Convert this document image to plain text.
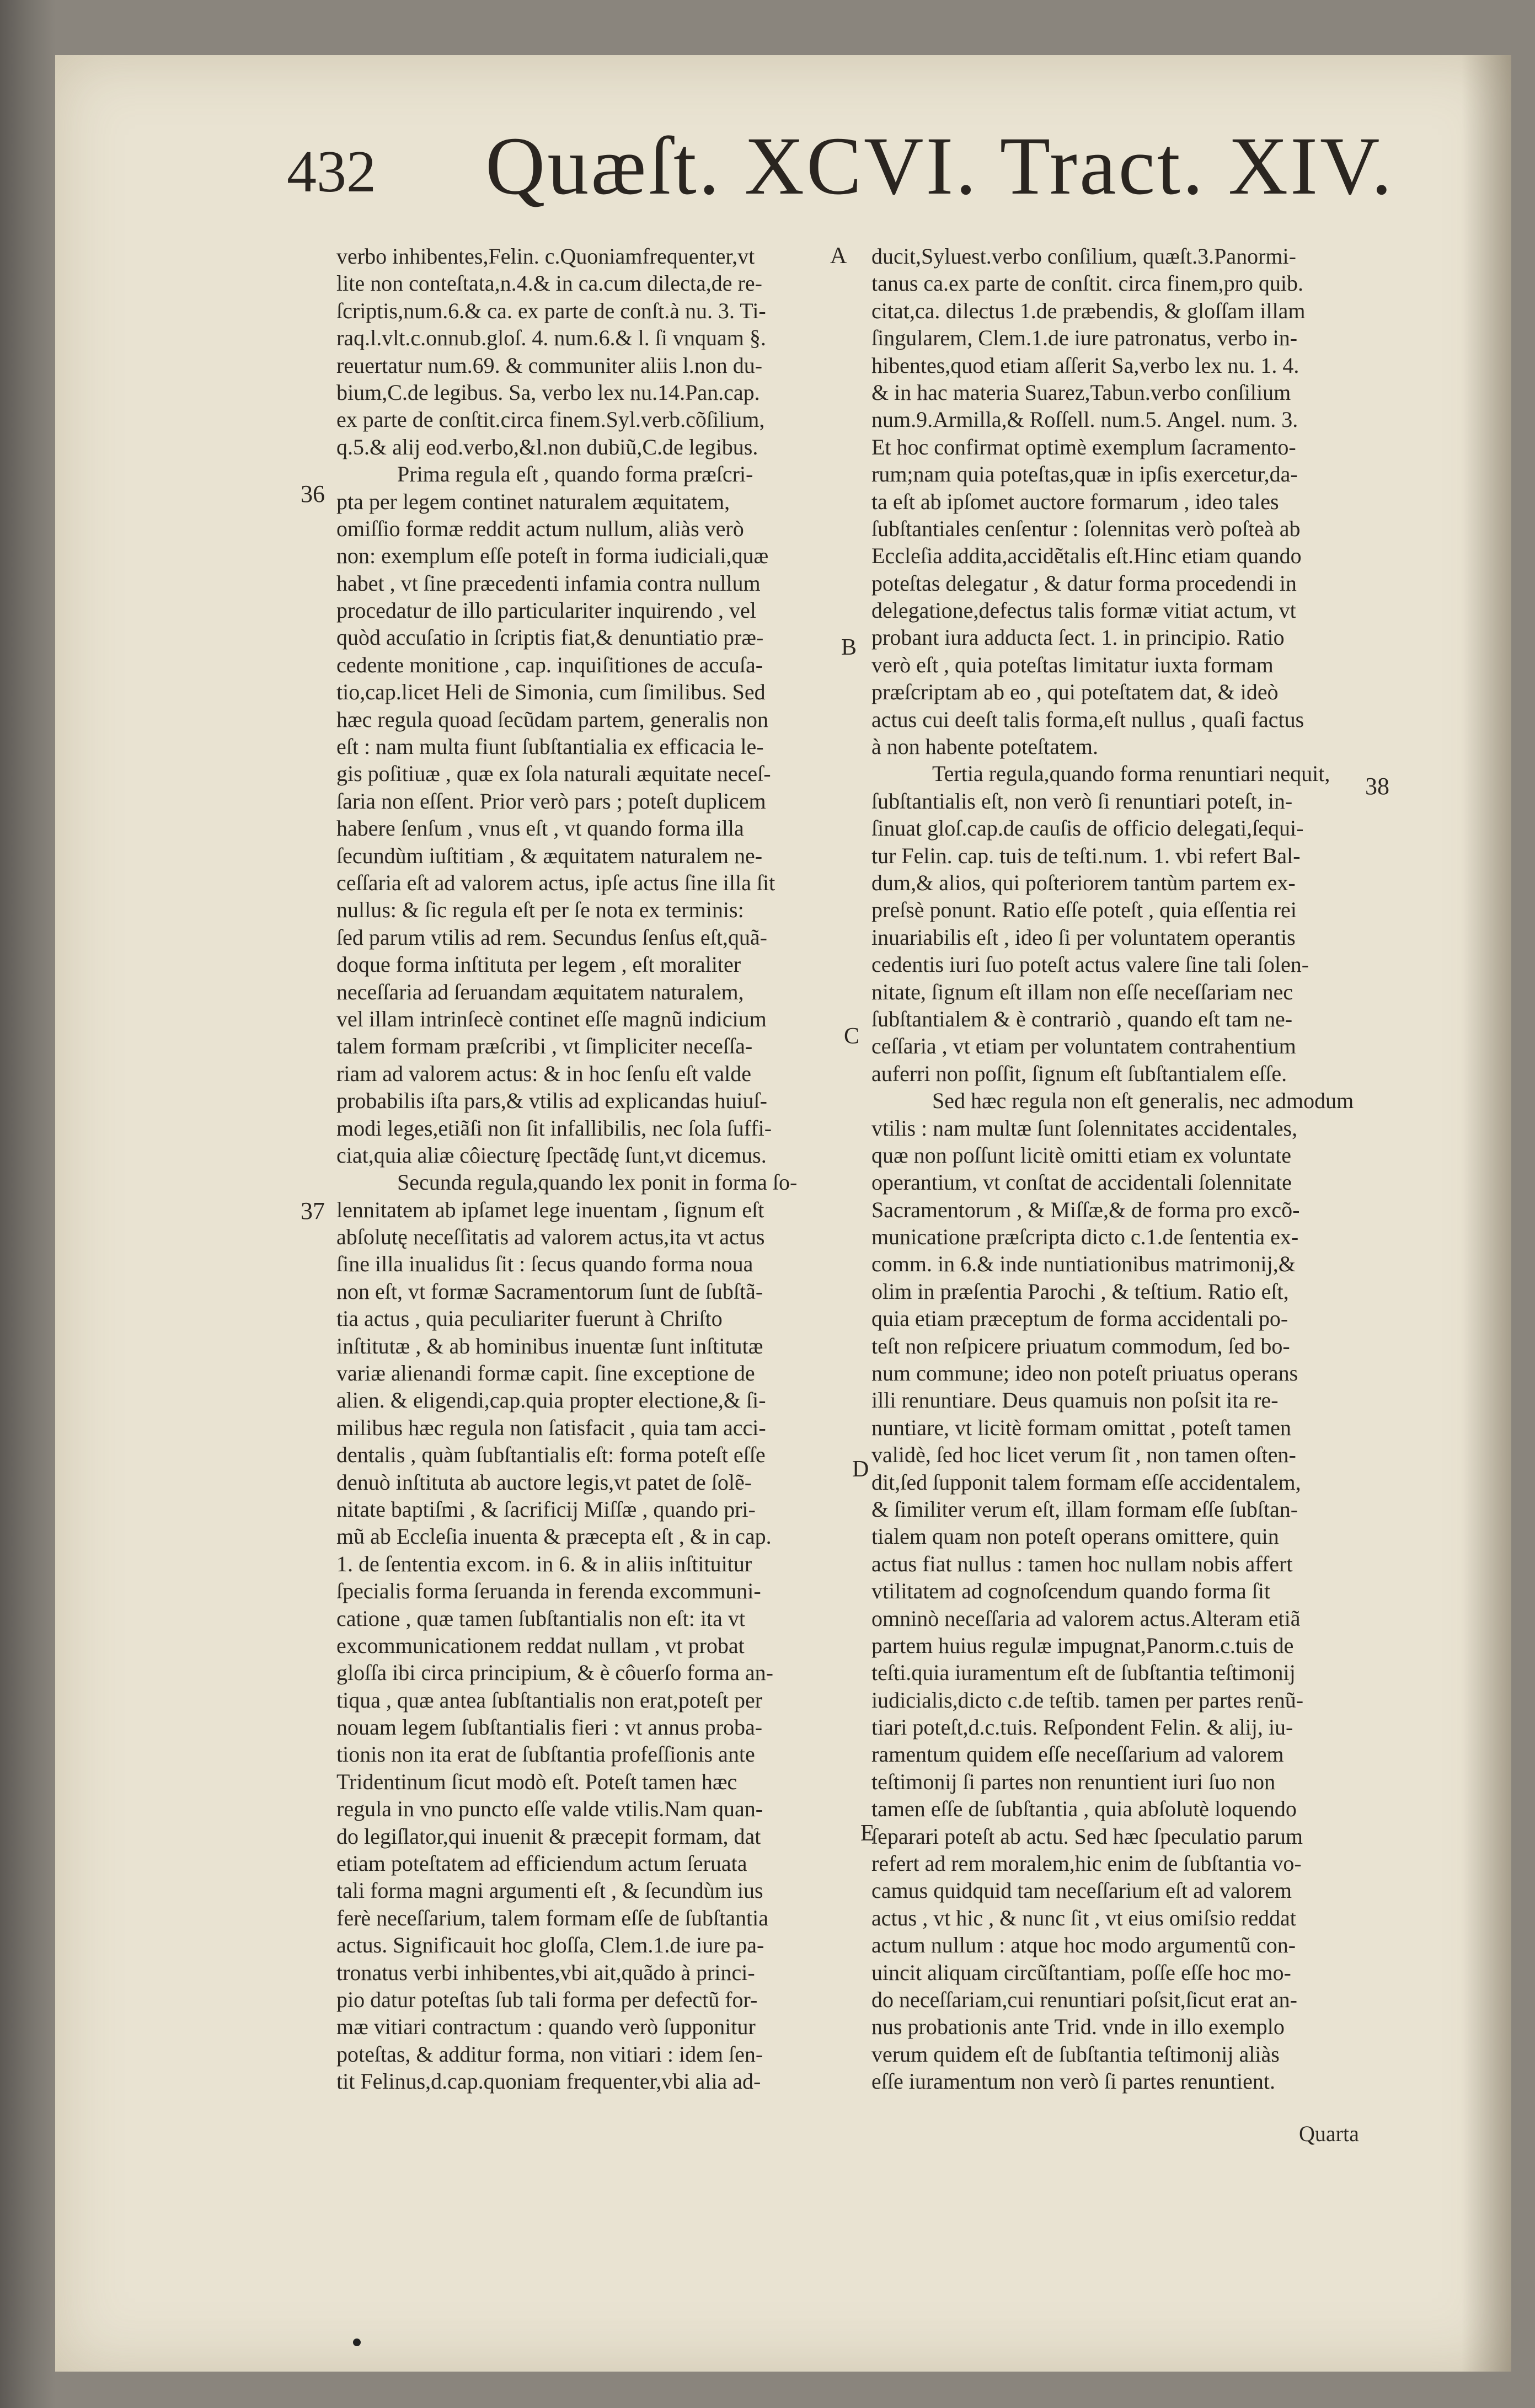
432 Quæſt. XCVI. Tract. XIV.
verbo inhibentes,Felin. c.Quoniamfrequenter,vt
lite non conteſtata,n.4.& in ca.cum dilecta,de re-
ſcriptis,num.6.& ca. ex parte de conſt.à nu. 3. Ti-
raq.l.vlt.c.onnub.gloſ. 4. num.6.& l. ſi vnquam §.
reuertatur num.69. & communiter aliis l.non du-
bium,C.de legibus. Sa, verbo lex nu.14.Pan.cap.
ex parte de conſtit.circa finem.Syl.verb.cõſilium,
q.5.& alij eod.verbo,&l.non dubiũ,C.de legibus.
Prima regula eſt , quando forma præſcri-
pta per legem continet naturalem æquitatem,
omiſſio formæ reddit actum nullum, aliàs verò
non: exemplum eſſe poteſt in forma iudiciali,quæ
habet , vt ſine præcedenti infamia contra nullum
procedatur de illo particulariter inquirendo , vel
quòd accuſatio in ſcriptis fiat,& denuntiatio præ-
cedente monitione , cap. inquiſitiones de accuſa-
tio,cap.licet Heli de Simonia, cum ſimilibus. Sed
hæc regula quoad ſecũdam partem, generalis non
eſt : nam multa fiunt ſubſtantialia ex efficacia le-
gis poſitiuæ , quæ ex ſola naturali æquitate neceſ-
ſaria non eſſent. Prior verò pars ; poteſt duplicem
habere ſenſum , vnus eſt , vt quando forma illa
ſecundùm iuſtitiam , & æquitatem naturalem ne-
ceſſaria eſt ad valorem actus, ipſe actus ſine illa ſit
nullus: & ſic regula eſt per ſe nota ex terminis:
ſed parum vtilis ad rem. Secundus ſenſus eſt,quã-
doque forma inſtituta per legem , eſt moraliter
neceſſaria ad ſeruandam æquitatem naturalem,
vel illam intrinſecè continet eſſe magnũ indicium
talem formam præſcribi , vt ſimpliciter neceſſa-
riam ad valorem actus: & in hoc ſenſu eſt valde
probabilis iſta pars,& vtilis ad explicandas huiuſ-
modi leges,etiãſi non ſit infallibilis, nec ſola ſuffi-
ciat,quia aliæ côiecturę ſpectãdę ſunt,vt dicemus.
Secunda regula,quando lex ponit in forma ſo-
lennitatem ab ipſamet lege inuentam , ſignum eſt
abſolutę neceſſitatis ad valorem actus,ita vt actus
ſine illa inualidus ſit : ſecus quando forma noua
non eſt, vt formæ Sacramentorum ſunt de ſubſtã-
tia actus , quia peculiariter fuerunt à Chriſto
inſtitutæ , & ab hominibus inuentæ ſunt inſtitutæ
variæ alienandi formæ capit. ſine exceptione de
alien. & eligendi,cap.quia propter electione,& ſi-
milibus hæc regula non ſatisfacit , quia tam acci-
dentalis , quàm ſubſtantialis eſt: forma poteſt eſſe
denuò inſtituta ab auctore legis,vt patet de ſolẽ-
nitate baptiſmi , & ſacrificij Miſſæ , quando pri-
mũ ab Eccleſia inuenta & præcepta eſt , & in cap.
1. de ſententia excom. in 6. & in aliis inſtituitur
ſpecialis forma ſeruanda in ferenda excommuni-
catione , quæ tamen ſubſtantialis non eſt: ita vt
excommunicationem reddat nullam , vt probat
gloſſa ibi circa principium, & è côuerſo forma an-
tiqua , quæ antea ſubſtantialis non erat,poteſt per
nouam legem ſubſtantialis fieri : vt annus proba-
tionis non ita erat de ſubſtantia profeſſionis ante
Tridentinum ſicut modò eſt. Poteſt tamen hæc
regula in vno puncto eſſe valde vtilis.Nam quan-
do legiſlator,qui inuenit & præcepit formam, dat
etiam poteſtatem ad efficiendum actum ſeruata
tali forma magni argumenti eſt , & ſecundùm ius
ferè neceſſarium, talem formam eſſe de ſubſtantia
actus. Significauit hoc gloſſa, Clem.1.de iure pa-
tronatus verbi inhibentes,vbi ait,quãdo à princi-
pio datur poteſtas ſub tali forma per defectũ for-
mæ vitiari contractum : quando verò ſupponitur
poteſtas, & additur forma, non vitiari : idem ſen-
tit Felinus,d.cap.quoniam frequenter,vbi alia ad-
ducit,Syluest.verbo conſilium, quæſt.3.Panormi-
tanus ca.ex parte de conſtit. circa finem,pro quib.
citat,ca. dilectus 1.de præbendis, & gloſſam illam
ſingularem, Clem.1.de iure patronatus, verbo in-
hibentes,quod etiam aſſerit Sa,verbo lex nu. 1. 4.
& in hac materia Suarez,Tabun.verbo conſilium
num.9.Armilla,& Roſſell. num.5. Angel. num. 3.
Et hoc confirmat optimè exemplum ſacramento-
rum;nam quia poteſtas,quæ in ipſis exercetur,da-
ta eſt ab ipſomet auctore formarum , ideo tales
ſubſtantiales cenſentur : ſolennitas verò poſteà ab
Eccleſia addita,accidẽtalis eſt.Hinc etiam quando
poteſtas delegatur , & datur forma procedendi in
delegatione,defectus talis formæ vitiat actum, vt
probant iura adducta ſect. 1. in principio. Ratio
verò eſt , quia poteſtas limitatur iuxta formam
præſcriptam ab eo , qui poteſtatem dat, & ideò
actus cui deeſt talis forma,eſt nullus , quaſi factus
à non habente poteſtatem.
Tertia regula,quando forma renuntiari nequit,
ſubſtantialis eſt, non verò ſi renuntiari poteſt, in-
ſinuat gloſ.cap.de cauſis de officio delegati,ſequi-
tur Felin. cap. tuis de teſti.num. 1. vbi refert Bal-
dum,& alios, qui poſteriorem tantùm partem ex-
preſsè ponunt. Ratio eſſe poteſt , quia eſſentia rei
inuariabilis eſt , ideo ſi per voluntatem operantis
cedentis iuri ſuo poteſt actus valere ſine tali ſolen-
nitate, ſignum eſt illam non eſſe neceſſariam nec
ſubſtantialem & è contrariò , quando eſt tam ne-
ceſſaria , vt etiam per voluntatem contrahentium
auferri non poſſit, ſignum eſt ſubſtantialem eſſe.
Sed hæc regula non eſt generalis, nec admodum
vtilis : nam multæ ſunt ſolennitates accidentales,
quæ non poſſunt licitè omitti etiam ex voluntate
operantium, vt conſtat de accidentali ſolennitate
Sacramentorum , & Miſſæ,& de forma pro excõ-
municatione præſcripta dicto c.1.de ſententia ex-
comm. in 6.& inde nuntiationibus matrimonij,&
olim in præſentia Parochi , & teſtium. Ratio eſt,
quia etiam præceptum de forma accidentali po-
teſt non reſpicere priuatum commodum, ſed bo-
num commune; ideo non poteſt priuatus operans
illi renuntiare. Deus quamuis non poſsit ita re-
nuntiare, vt licitè formam omittat , poteſt tamen
validè, ſed hoc licet verum ſit , non tamen oſten-
dit,ſed ſupponit talem formam eſſe accidentalem,
& ſimiliter verum eſt, illam formam eſſe ſubſtan-
tialem quam non poteſt operans omittere, quin
actus fiat nullus : tamen hoc nullam nobis affert
vtilitatem ad cognoſcendum quando forma ſit
omninò neceſſaria ad valorem actus.Alteram etiã
partem huius regulæ impugnat,Panorm.c.tuis de
teſti.quia iuramentum eſt de ſubſtantia teſtimonij
iudicialis,dicto c.de teſtib. tamen per partes renũ-
tiari poteſt,d.c.tuis. Reſpondent Felin. & alij, iu-
ramentum quidem eſſe neceſſarium ad valorem
teſtimonij ſi partes non renuntient iuri ſuo non
tamen eſſe de ſubſtantia , quia abſolutè loquendo
ſeparari poteſt ab actu. Sed hæc ſpeculatio parum
refert ad rem moralem,hic enim de ſubſtantia vo-
camus quidquid tam neceſſarium eſt ad valorem
actus , vt hic , & nunc ſit , vt eius omiſsio reddat
actum nullum : atque hoc modo argumentũ con-
uincit aliquam circũſtantiam, poſſe eſſe hoc mo-
do neceſſariam,cui renuntiari poſsit,ſicut erat an-
nus probationis ante Trid. vnde in illo exemplo
verum quidem eſt de ſubſtantia teſtimonij aliàs
eſſe iuramentum non verò ſi partes renuntient.
36
37
38
A
B
C
D
E
Quarta
